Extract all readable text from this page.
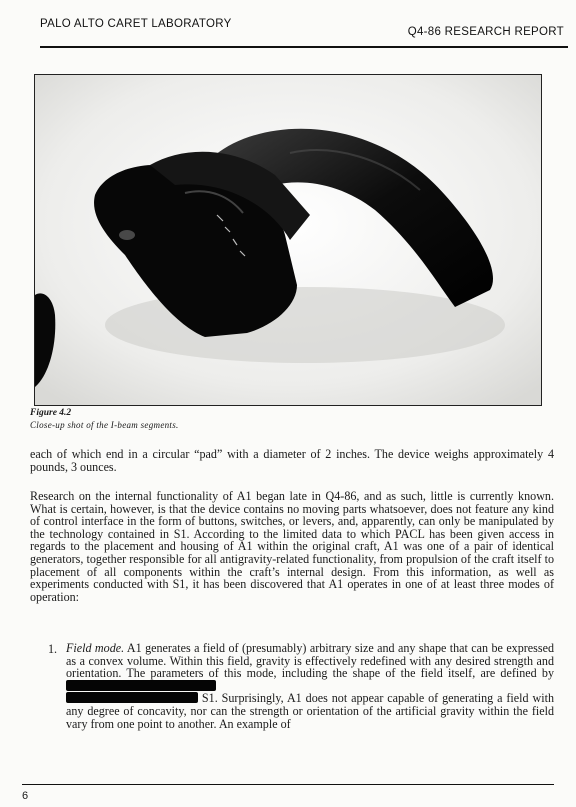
PALO ALTO CARET LABORATORY
Q4-86 RESEARCH REPORT
Figure 4.2
Close-up shot of the I-beam segments.
each of which end in a circular “pad” with a diameter of 2 inches. The device weighs approximately 4 pounds, 3 ounces.
Research on the internal functionality of A1 began late in Q4-86, and as such, little is currently known. What is certain, however, is that the device contains no moving parts whatsoever, does not feature any kind of control interface in the form of buttons, switches, or levers, and, apparently, can only be manipulated by the technology contained in S1. According to the limited data to which PACL has been given access in regards to the placement and housing of A1 within the original craft, A1 was one of a pair of identical generators, together responsible for all antigravity-related functionality, from propulsion of the craft itself to placement of all components within the craft’s internal design. From this information, as well as experiments conducted with S1, it has been discovered that A1 operates in one of at least three modes of operation:
1. Field mode. A1 generates a field of (presumably) arbitrary size and any shape that can be expressed as a convex volume. Within this field, gravity is effectively redefined with any desired strength and orientation. The parameters of this mode, including the shape of the field itself, are defined by
S1. Surprisingly, A1 does not appear capable of generating a field with any degree of concavity, nor can the strength or orientation of the artificial gravity within the field vary from one point to another. An example of
6
